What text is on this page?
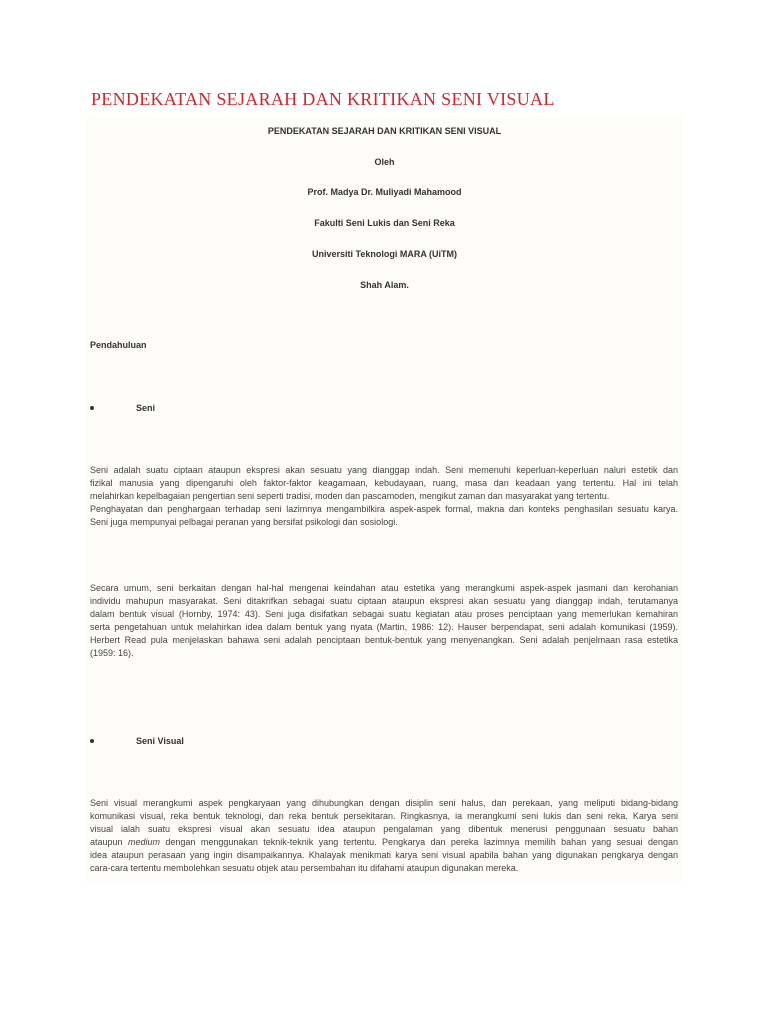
PENDEKATAN SEJARAH DAN KRITIKAN SENI VISUAL
PENDEKATAN SEJARAH DAN KRITIKAN SENI VISUAL
Oleh
Prof. Madya Dr. Muliyadi Mahamood
Fakulti Seni Lukis dan Seni Reka
Universiti Teknologi MARA (UiTM)
Shah Alam.
Pendahuluan
Seni
Seni adalah suatu ciptaan ataupun ekspresi akan sesuatu yang dianggap indah. Seni memenuhi keperluan-keperluan naluri estetik dan
fizikal manusia yang dipengaruhi oleh faktor-faktor keagamaan, kebudayaan, ruang, masa dan keadaan yang tertentu. Hal ini telah
melahirkan kepelbagaian pengertian seni seperti tradisi, moden dan pascamoden, mengikut zaman dan masyarakat yang tertentu.
Penghayatan dan penghargaan terhadap seni lazimnya mengambilkira aspek-aspek formal, makna dan konteks penghasilan sesuatu karya.
Seni juga mempunyai pelbagai peranan yang bersifat psikologi dan sosiologi.
Secara umum, seni berkaitan dengan hal-hal mengenai keindahan atau estetika yang merangkumi aspek-aspek jasmani dan kerohanian
individu mahupun masyarakat. Seni ditakrifkan sebagai suatu ciptaan ataupun ekspresi akan sesuatu yang dianggap indah, terutamanya
dalam bentuk visual (Hornby, 1974: 43). Seni juga disifatkan sebagai suatu kegiatan atau proses penciptaan yang memerlukan kemahiran
serta pengetahuan untuk melahirkan idea dalam bentuk yang nyata (Martin, 1986: 12). Hauser berpendapat, seni adalah komunikasi (1959).
Herbert Read pula menjelaskan bahawa seni adalah penciptaan bentuk-bentuk yang menyenangkan. Seni adalah penjelmaan rasa estetika
(1959: 16).
Seni Visual
Seni visual merangkumi aspek pengkaryaan yang dihubungkan dengan disiplin seni halus, dan perekaan, yang meliputi bidang-bidang
komunikasi visual, reka bentuk teknologi, dan reka bentuk persekitaran. Ringkasnya, ia merangkumi seni lukis dan seni reka. Karya seni
visual ialah suatu ekspresi visual akan sesuatu idea ataupun pengalaman yang dibentuk menerusi penggunaan sesuatu bahan
ataupun medium dengan menggunakan teknik-teknik yang tertentu. Pengkarya dan pereka lazimnya memilih bahan yang sesuai dengan
idea ataupun perasaan yang ingin disampaikannya. Khalayak menikmati karya seni visual apabila bahan yang digunakan pengkarya dengan
cara-cara tertentu membolehkan sesuatu objek atau persembahan itu difahami ataupun digunakan mereka.
